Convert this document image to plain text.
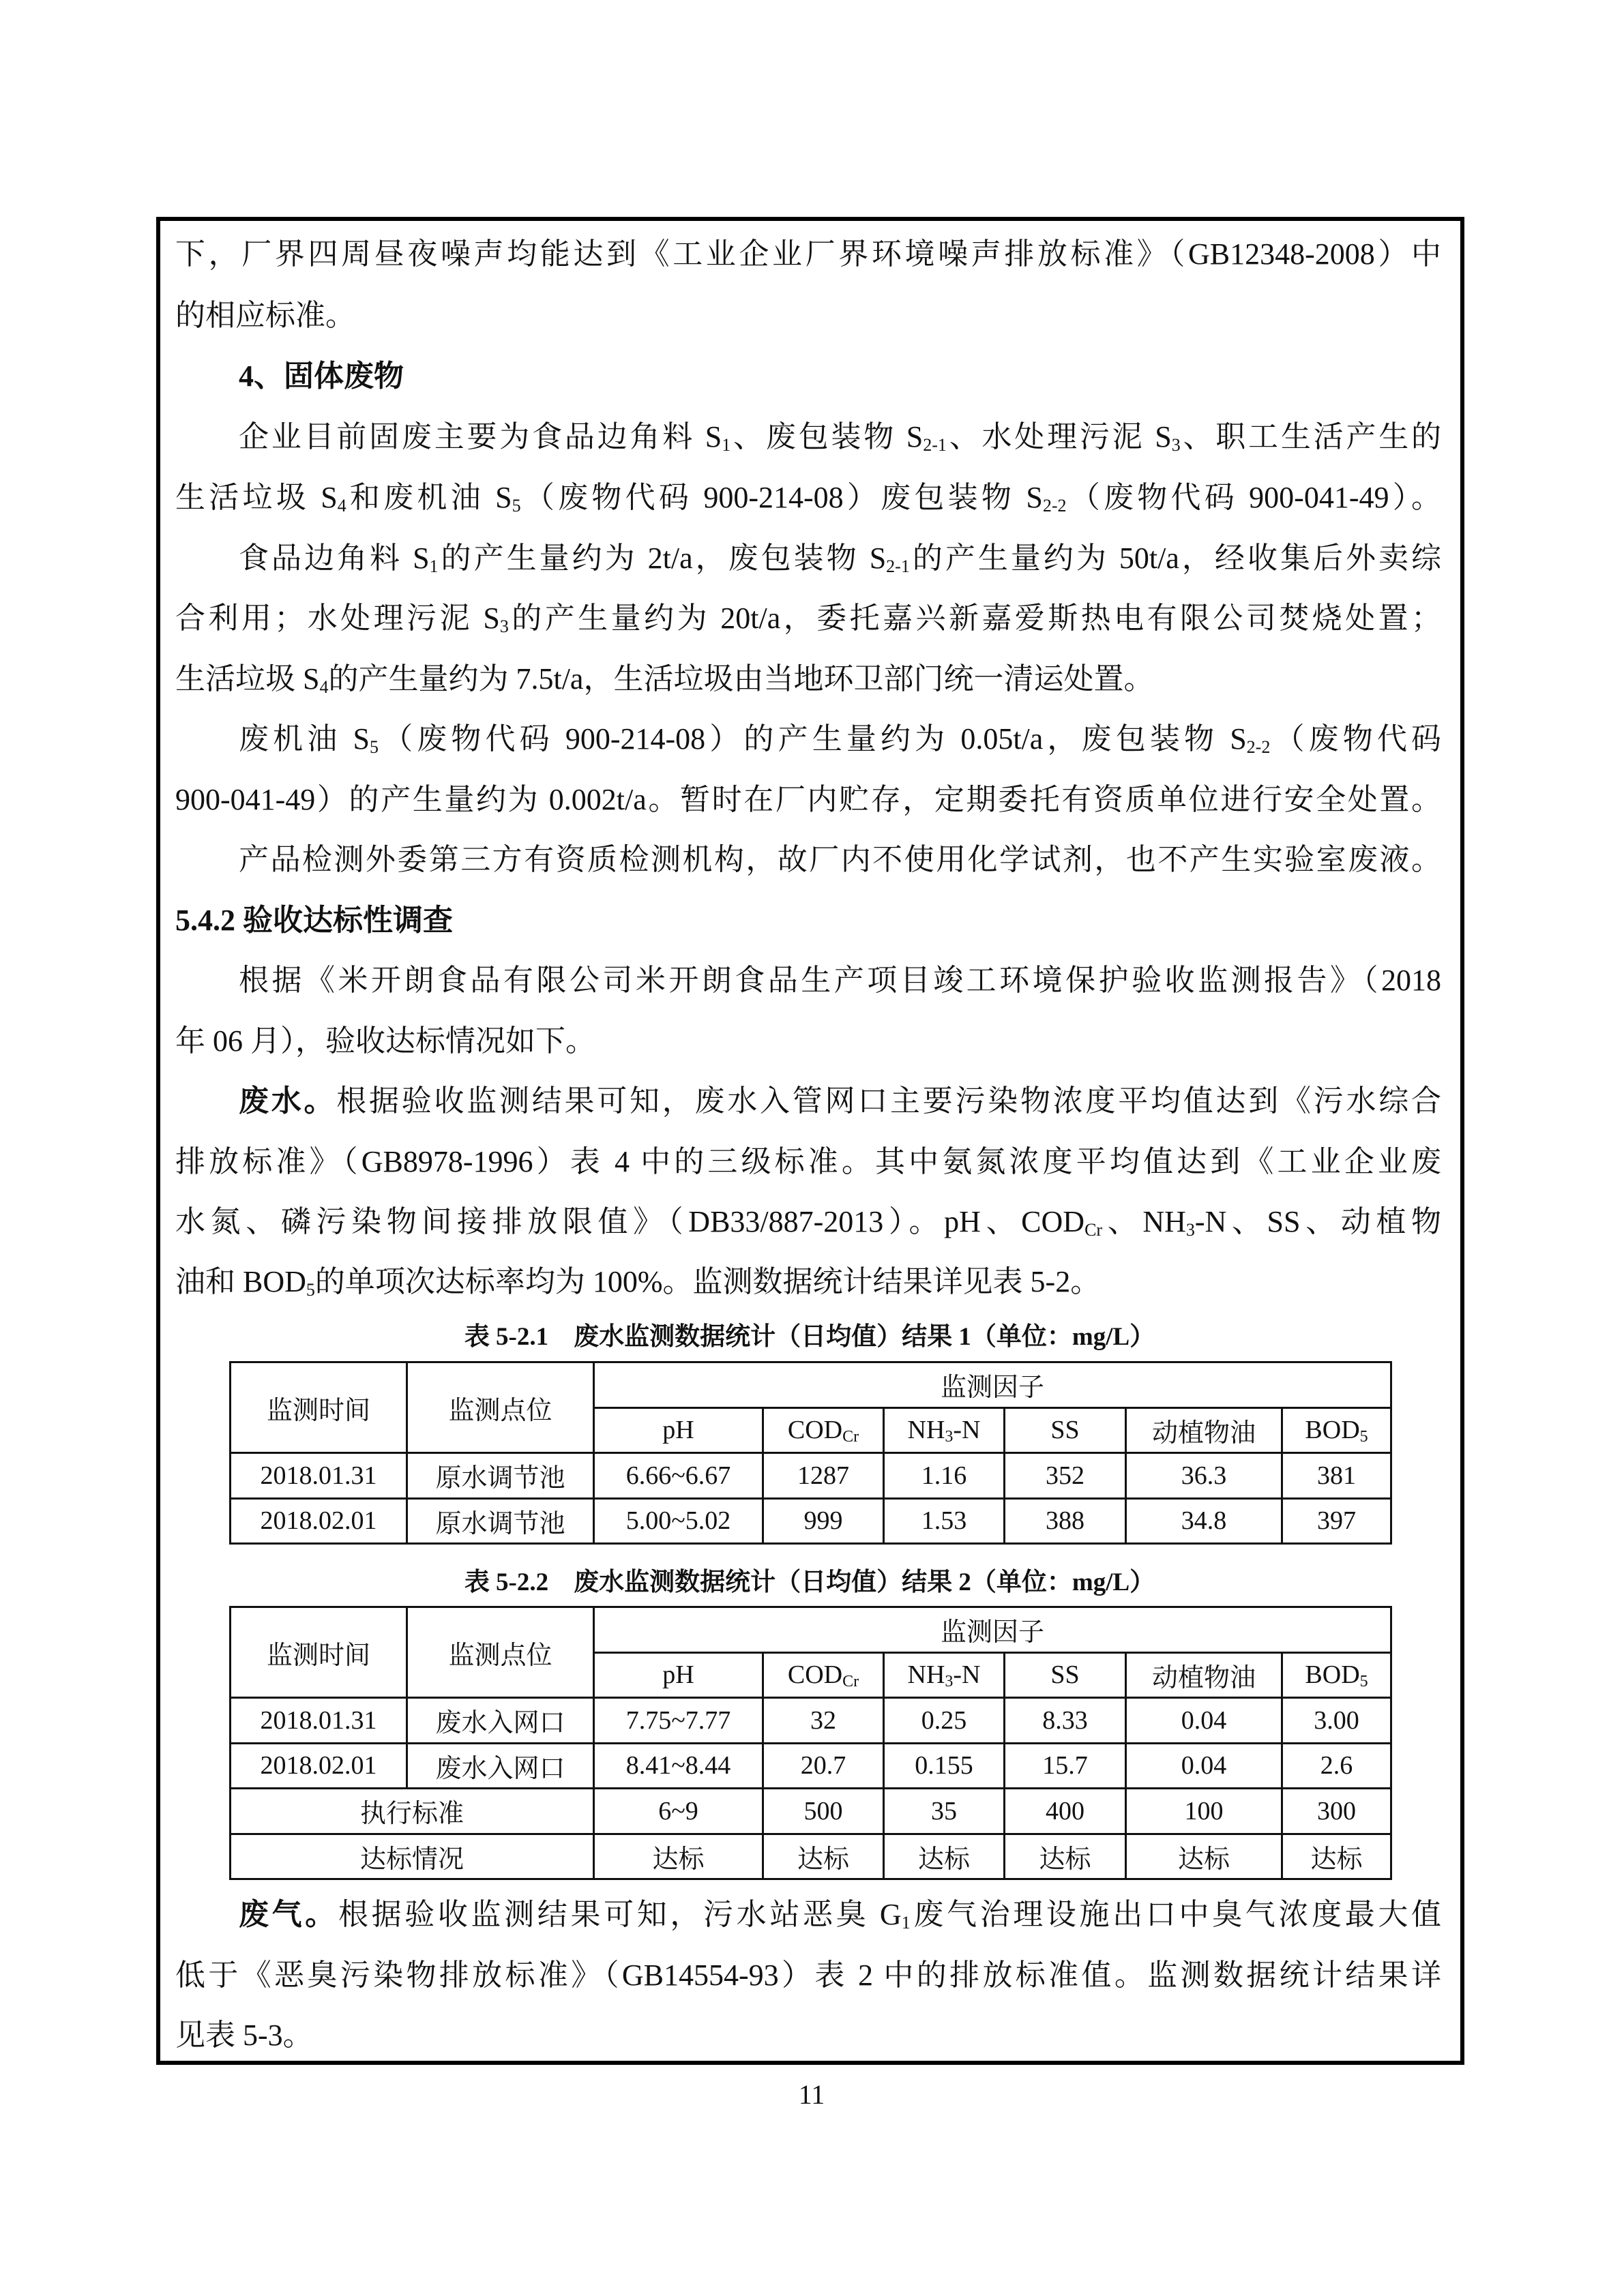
下，厂界四周昼夜噪声均能达到《工业企业厂界环境噪声排放标准》（GB12348-2008）中
的相应标准。
4、固体废物
企业目前固废主要为食品边角料 $S_1$、废包装物 $S_{2-1}$、水处理污泥 $S_3$、职工生活产生的
生活垃圾 $S_4$和废机油 $S_5$（废物代码 900-214-08）废包装物 $S_{2-2}$（废物代码 900-041-49）。
食品边角料 $S_1$的产生量约为 2t/a，废包装物 $S_{2-1}$的产生量约为 50t/a，经收集后外卖综
合利用；水处理污泥 $S_3$的产生量约为 20t/a，委托嘉兴新嘉爱斯热电有限公司焚烧处置；
生活垃圾 $S_4$的产生量约为 7.5t/a，生活垃圾由当地环卫部门统一清运处置。
废机油 $S_5$（废物代码 900-214-08）的产生量约为 0.05t/a，废包装物 $S_{2-2}$（废物代码
900-041-49）的产生量约为 0.002t/a。暂时在厂内贮存，定期委托有资质单位进行安全处置。
产品检测外委第三方有资质检测机构，故厂内不使用化学试剂，也不产生实验室废液。
5.4.2 验收达标性调查
根据《米开朗食品有限公司米开朗食品生产项目竣工环境保护验收监测报告》（2018
年 06 月），验收达标情况如下。
废水。根据验收监测结果可知，废水入管网口主要污染物浓度平均值达到《污水综合
排放标准》（GB8978-1996）表 4 中的三级标准。其中氨氮浓度平均值达到《工业企业废
水氮、磷污染物间接排放限值》（DB33/887-2013）。pH、$COD_{Cr}$、$NH_3-N$、SS、动植物
油和 $BOD_5$的单项次达标率均为 100%。监测数据统计结果详见表 5-2。
表 5-2.1　废水监测数据统计（日均值）结果 1（单位：mg/L）
监测时间	监测点位	监测因子					
		pH	$COD_{Cr}$	$NH_3-N$	SS	动植物油	$BOD_5$
2018.01.31	原水调节池	6.66~6.67	1287	1.16	352	36.3	381
2018.02.01	原水调节池	5.00~5.02	999	1.53	388	34.8	397
表 5-2.2　废水监测数据统计（日均值）结果 2（单位：mg/L）
监测时间	监测点位	监测因子					
		pH	$COD_{Cr}$	$NH_3-N$	SS	动植物油	$BOD_5$
2018.01.31	废水入网口	7.75~7.77	32	0.25	8.33	0.04	3.00
2018.02.01	废水入网口	8.41~8.44	20.7	0.155	15.7	0.04	2.6
执行标准		6~9	500	35	400	100	300
达标情况		达标	达标	达标	达标	达标	达标
废气。根据验收监测结果可知，污水站恶臭 $G_1$废气治理设施出口中臭气浓度最大值
低于《恶臭污染物排放标准》（GB14554-93）表 2 中的排放标准值。监测数据统计结果详
见表 5-3。
11
